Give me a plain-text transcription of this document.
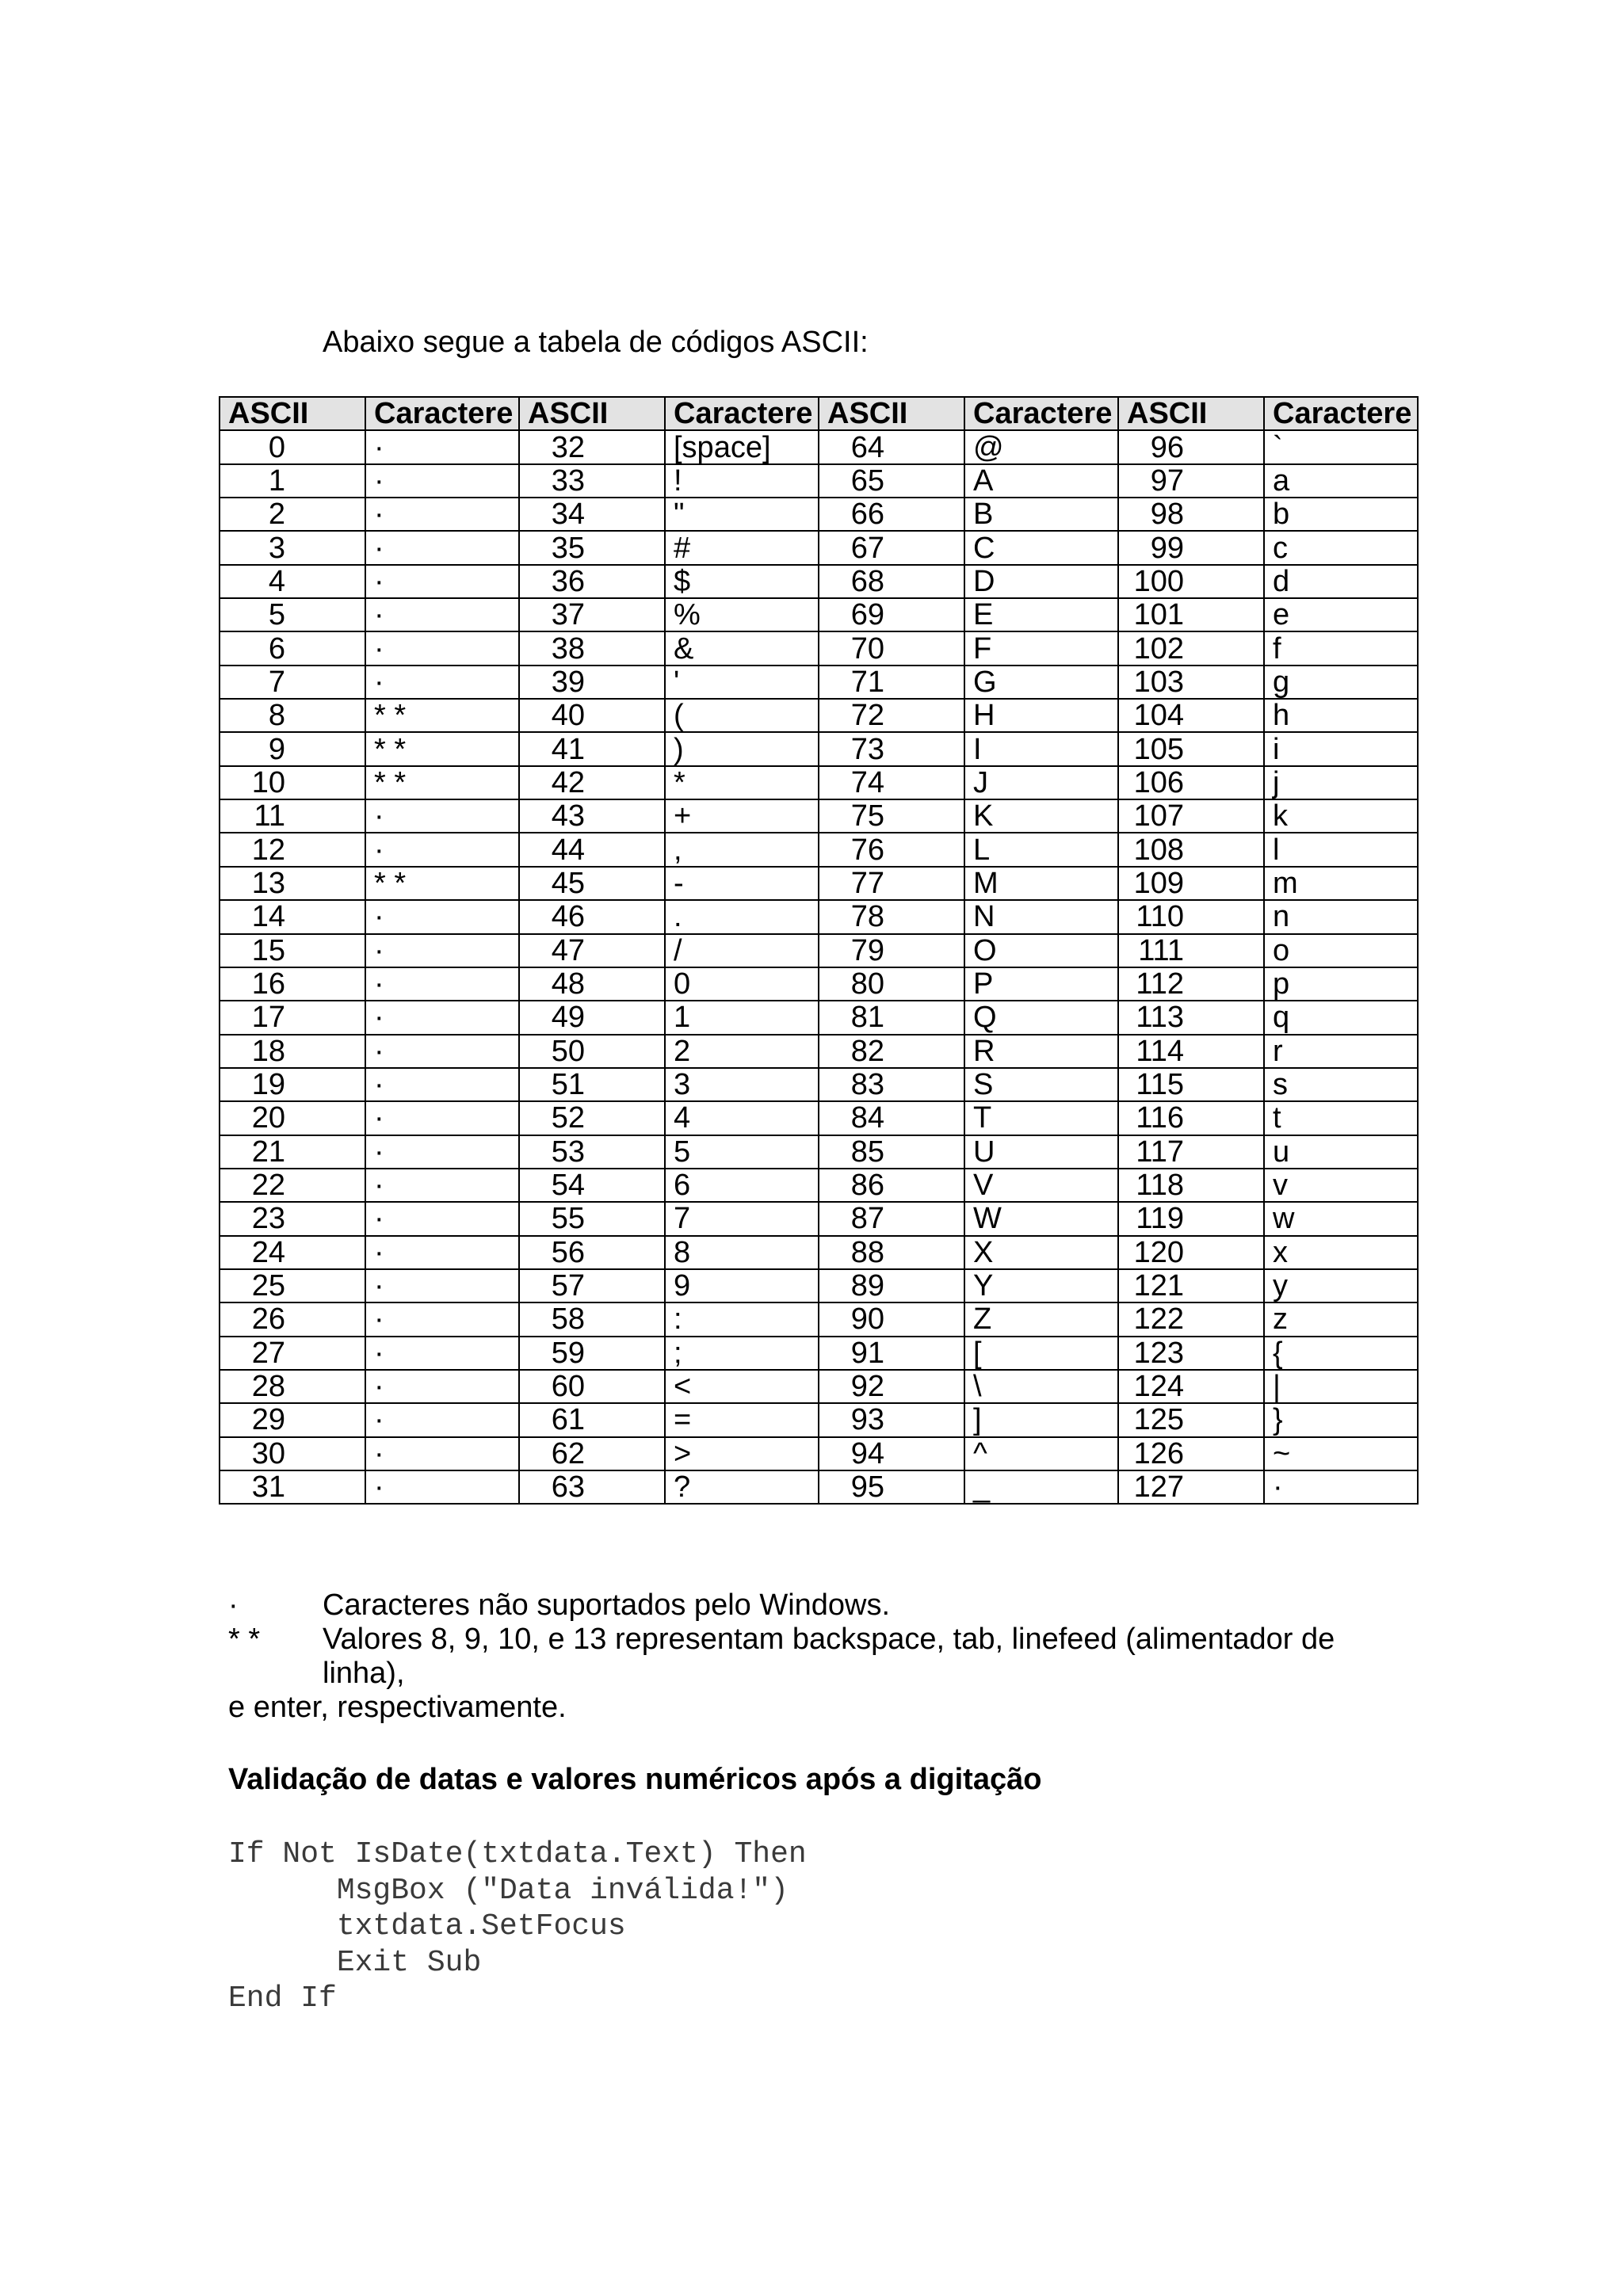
Abaixo segue a tabela de códigos ASCII:
ASCII	Caractere	ASCII	Caractere	ASCII	Caractere	ASCII	Caractere

0	·	32	[space]	64	@	96	`

1	·	33	!	65	A	97	a

2	·	34	"	66	B	98	b

3	·	35	#	67	C	99	c

4	·	36	$	68	D	100	d

5	·	37	%	69	E	101	e

6	·	38	&	70	F	102	f

7	·	39	'	71	G	103	g

8	* *	40	(	72	H	104	h

9	* *	41	)	73	I	105	i

10	* *	42	*	74	J	106	j

11	·	43	+	75	K	107	k

12	·	44	,	76	L	108	l

13	* *	45	-	77	M	109	m

14	·	46	.	78	N	110	n

15	·	47	/	79	O	111	o

16	·	48	0	80	P	112	p

17	·	49	1	81	Q	113	q

18	·	50	2	82	R	114	r

19	·	51	3	83	S	115	s

20	·	52	4	84	T	116	t

21	·	53	5	85	U	117	u

22	·	54	6	86	V	118	v

23	·	55	7	87	W	119	w

24	·	56	8	88	X	120	x

25	·	57	9	89	Y	121	y

26	·	58	:	90	Z	122	z

27	·	59	;	91	[	123	{

28	·	60	<	92	\	124	|

29	·	61	=	93	]	125	}

30	·	62	>	94	^	126	~

31	·	63	?	95	_	127	·
·	Caracteres não suportados pelo Windows.
* * Valores 8, 9, 10, e 13 representam backspace, tab, linefeed (alimentador de linha),
e enter, respectivamente.
Validação de datas e valores numéricos após a digitação
If Not IsDate(txtdata.Text) Then
MsgBox ("Data inválida!")
txtdata.SetFocus
Exit Sub
End If
